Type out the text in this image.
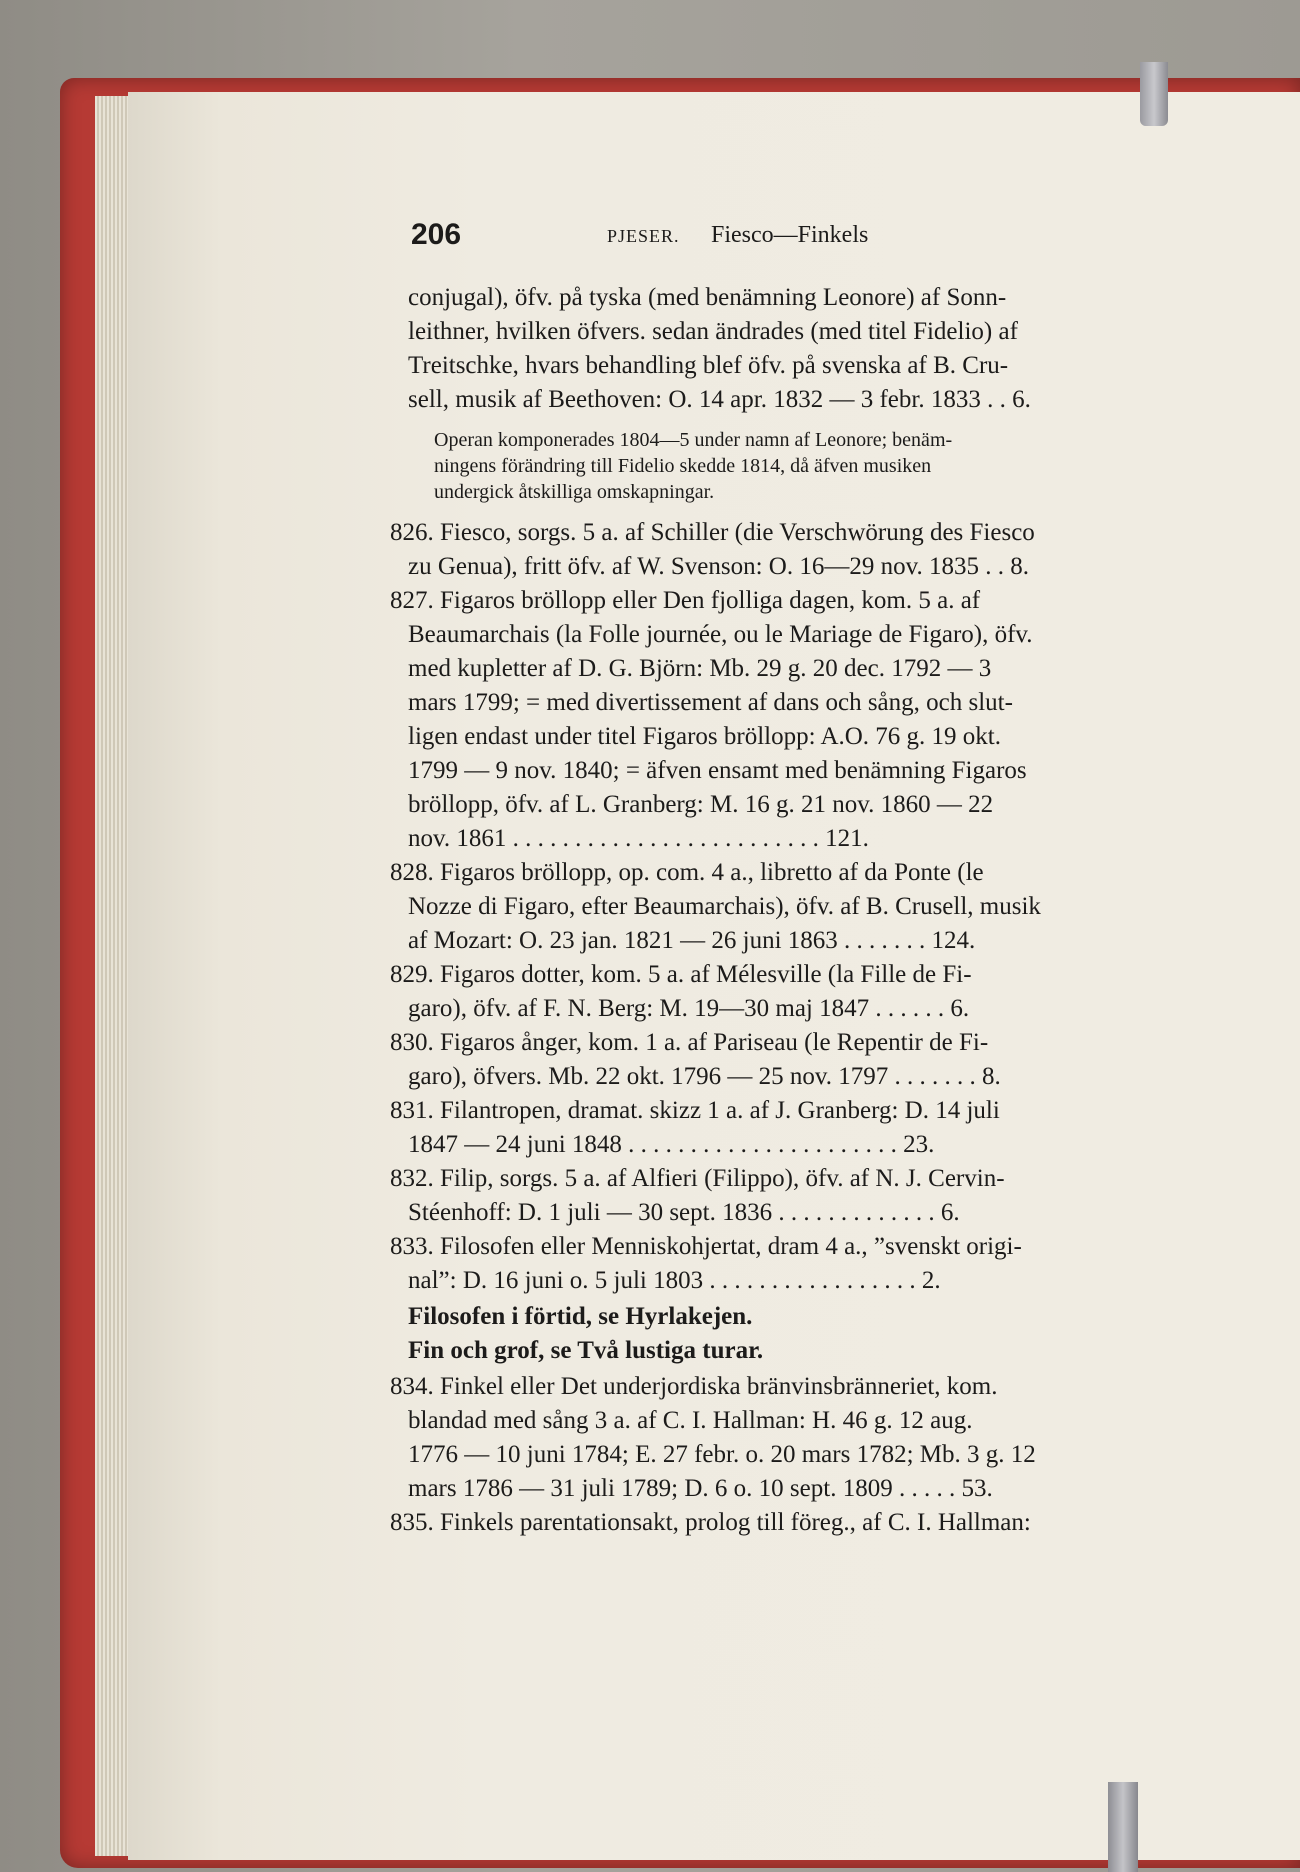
206	PJESER. Fiesco—Finkels
conjugal), öfv. på tyska (med benämning Leonore) af Sonn-
leithner, hvilken öfvers. sedan ändrades (med titel Fidelio) af
Treitschke, hvars behandling blef öfv. på svenska af B. Cru-
sell, musik af Beethoven: O. 14 apr. 1832 — 3 febr. 1833 . . 6.
Operan komponerades 1804—5 under namn af Leonore; benäm-
ningens förändring till Fidelio skedde 1814, då äfven musiken
undergick åtskilliga omskapningar.
826. Fiesco, sorgs. 5 a. af Schiller (die Verschwörung des Fiesco
zu Genua), fritt öfv. af W. Svenson: O. 16—29 nov. 1835 . . 8.
827. Figaros bröllopp eller Den fjolliga dagen, kom. 5 a. af
Beaumarchais (la Folle journée, ou le Mariage de Figaro), öfv.
med kupletter af D. G. Björn: Mb. 29 g. 20 dec. 1792 — 3
mars 1799; = med divertissement af dans och sång, och slut-
ligen endast under titel Figaros bröllopp: A.O. 76 g. 19 okt.
1799 — 9 nov. 1840; = äfven ensamt med benämning Figaros
bröllopp, öfv. af L. Granberg: M. 16 g. 21 nov. 1860 — 22
nov. 1861 . . . . . . . . . . . . . . . . . . . . . . . . . 121.
828. Figaros bröllopp, op. com. 4 a., libretto af da Ponte (le
Nozze di Figaro, efter Beaumarchais), öfv. af B. Crusell, musik
af Mozart: O. 23 jan. 1821 — 26 juni 1863 . . . . . . . 124.
829. Figaros dotter, kom. 5 a. af Mélesville (la Fille de Fi-
garo), öfv. af F. N. Berg: M. 19—30 maj 1847 . . . . . . 6.
830. Figaros ånger, kom. 1 a. af Pariseau (le Repentir de Fi-
garo), öfvers. Mb. 22 okt. 1796 — 25 nov. 1797 . . . . . . . 8.
831. Filantropen, dramat. skizz 1 a. af J. Granberg: D. 14 juli
1847 — 24 juni 1848 . . . . . . . . . . . . . . . . . . . . . . 23.
832. Filip, sorgs. 5 a. af Alfieri (Filippo), öfv. af N. J. Cervin-
Stéenhoff: D. 1 juli — 30 sept. 1836 . . . . . . . . . . . . . 6.
833. Filosofen eller Menniskohjertat, dram 4 a., ”svenskt origi-
nal”: D. 16 juni o. 5 juli 1803 . . . . . . . . . . . . . . . . . 2.
Filosofen i förtid, se Hyrlakejen.
Fin och grof, se Två lustiga turar.
834. Finkel eller Det underjordiska bränvinsbränneriet, kom.
blandad med sång 3 a. af C. I. Hallman: H. 46 g. 12 aug.
1776 — 10 juni 1784; E. 27 febr. o. 20 mars 1782; Mb. 3 g. 12
mars 1786 — 31 juli 1789; D. 6 o. 10 sept. 1809 . . . . . 53.
835. Finkels parentationsakt, prolog till föreg., af C. I. Hallman:
